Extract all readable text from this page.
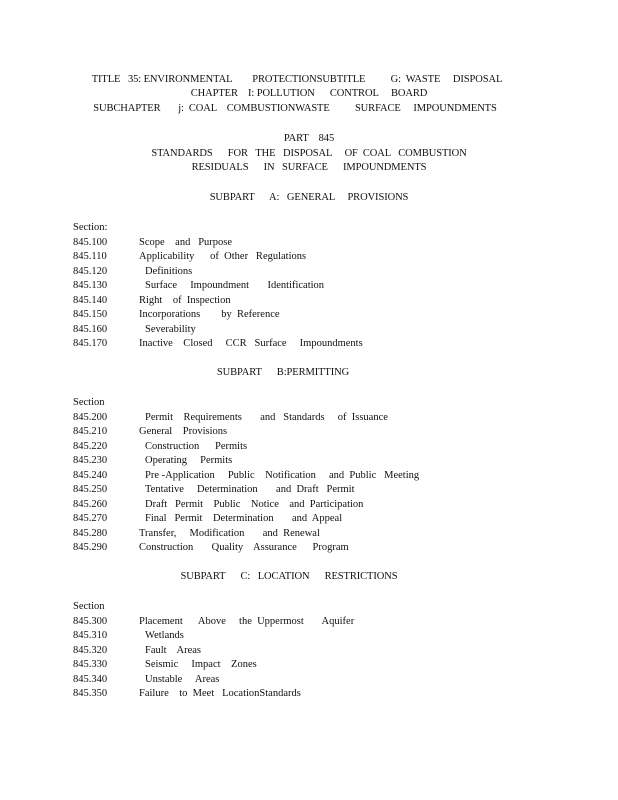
TITLE   35: ENVIRONMENTAL        PROTECTIONSUBTITLE          G:  WASTE     DISPOSAL
CHAPTER    I: POLLUTION      CONTROL     BOARD
SUBCHAPTER       j:  COAL    COMBUSTIONWASTE          SURFACE     IMPOUNDMENTS
PART    845
STANDARDS      FOR   THE   DISPOSAL     OF  COAL   COMBUSTION
RESIDUALS      IN   SURFACE      IMPOUNDMENTS
SUBPART      A:   GENERAL     PROVISIONS
Section:
845.100	Scope    and   Purpose
845.110	Applicability      of  Other   Regulations
845.120	Definitions
845.130	Surface     Impoundment       Identification
845.140	Right    of  Inspection
845.150	Incorporations        by  Reference
845.160	Severability
845.170	Inactive    Closed     CCR   Surface     Impoundments
SUBPART      B:PERMITTING
Section
845.200	Permit    Requirements       and   Standards     of  Issuance
845.210	General    Provisions
845.220	Construction      Permits
845.230	Operating     Permits
845.240	Pre -Application     Public    Notification     and  Public   Meeting
845.250	Tentative     Determination       and  Draft   Permit
845.260	Draft   Permit    Public    Notice    and  Participation
845.270	Final   Permit    Determination       and  Appeal
845.280	Transfer,     Modification       and  Renewal
845.290	Construction       Quality    Assurance      Program
SUBPART      C:   LOCATION      RESTRICTIONS
Section
845.300	Placement      Above     the  Uppermost       Aquifer
845.310	Wetlands
845.320	Fault    Areas
845.330	Seismic     Impact    Zones
845.340	Unstable     Areas
845.350	Failure    to  Meet   LocationStandards
